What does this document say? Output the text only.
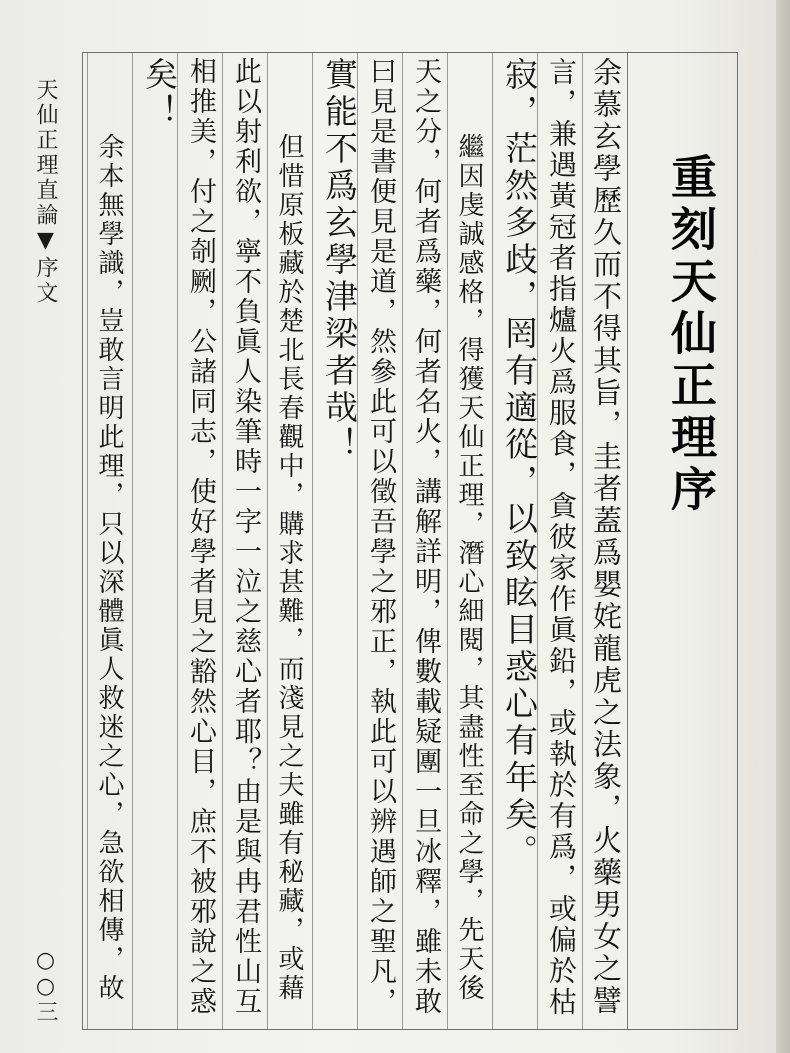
天仙正理直論▼序文	重刻天仙正理序
余慕玄學歷久而不得其旨，圭者蓋爲嬰姹龍虎之法象，火藥男女之譬
言，兼遇黃冠者指爐火爲服食，貪彼家作眞鉛，或執於有爲，或偏於枯
寂，茫然多歧，罔有適從，以致眩目惑心有年矣。
繼因虔誠感格，得獲天仙正理，潛心細閱，其盡性至命之學，先天後
天之分，何者爲藥，何者名火，講解詳明，俾數載疑團一旦冰釋，雖未敢
曰見是書便見是道，然參此可以徵吾學之邪正，執此可以辨遇師之聖凡，
實能不爲玄學津梁者哉！
但惜原板藏於楚北長春觀中，購求甚難，而淺見之夫雖有秘藏，或藉
此以射利欲，寧不負眞人染筆時一字一泣之慈心者耶？由是與冉君性山互
相推美，付之剞劂，公諸同志，使好學者見之豁然心目，庶不被邪說之惑
矣！
余本無學識，豈敢言明此理，只以深體眞人救迷之心，急欲相傳，故
○○三
